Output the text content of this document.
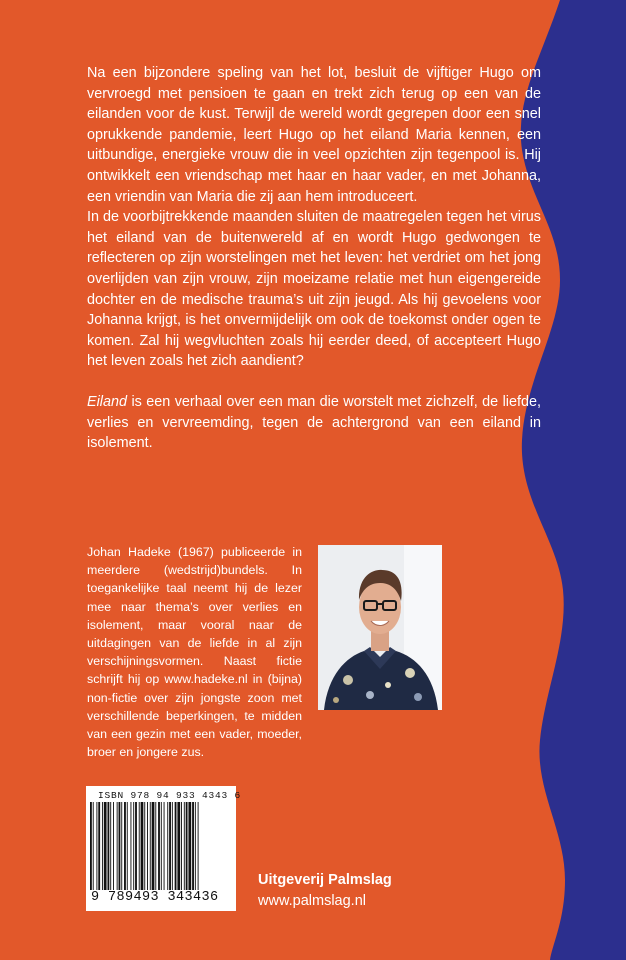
Na een bijzondere speling van het lot, besluit de vijftiger Hugo om vervroegd met pensioen te gaan en trekt zich terug op een van de eilanden voor de kust. Terwijl de wereld wordt gegrepen door een snel oprukkende pandemie, leert Hugo op het eiland Maria kennen, een uitbundige, energieke vrouw die in veel opzichten zijn tegenpool is. Hij ontwikkelt een vriendschap met haar en haar vader, en met Johanna, een vriendin van Maria die zij aan hem introduceert.

In de voorbijtrekkende maanden sluiten de maatregelen tegen het virus het eiland van de buitenwereld af en wordt Hugo gedwongen te reflecteren op zijn worstelingen met het leven: het verdriet om het jong overlijden van zijn vrouw, zijn moeizame relatie met hun eigengereide dochter en de medische trauma’s uit zijn jeugd. Als hij gevoelens voor Johanna krijgt, is het onvermijdelijk om ook de toekomst onder ogen te komen. Zal hij wegvluchten zoals hij eerder deed, of accepteert Hugo het leven zoals het zich aandient?

Eiland is een verhaal over een man die worstelt met zichzelf, de liefde, verlies en vervreemding, tegen de achtergrond van een eiland in isolement.

Johan Hadeke (1967) publiceerde in meerdere (wedstrijd)bundels. In toegankelijke taal neemt hij de lezer mee naar thema’s over verlies en isolement, maar vooral naar de uitdagingen van de liefde in al zijn verschijningsvormen. Naast fictie schrijft hij op www.hadeke.nl in (bijna) non-fictie over zijn jongste zoon met verschillende beperkingen, te midden van een gezin met een vader, moeder, broer en jongere zus.

ISBN 978 94 933 4343 6
9 789493 343436
Uitgeverij Palmslag
www.palmslag.nl
